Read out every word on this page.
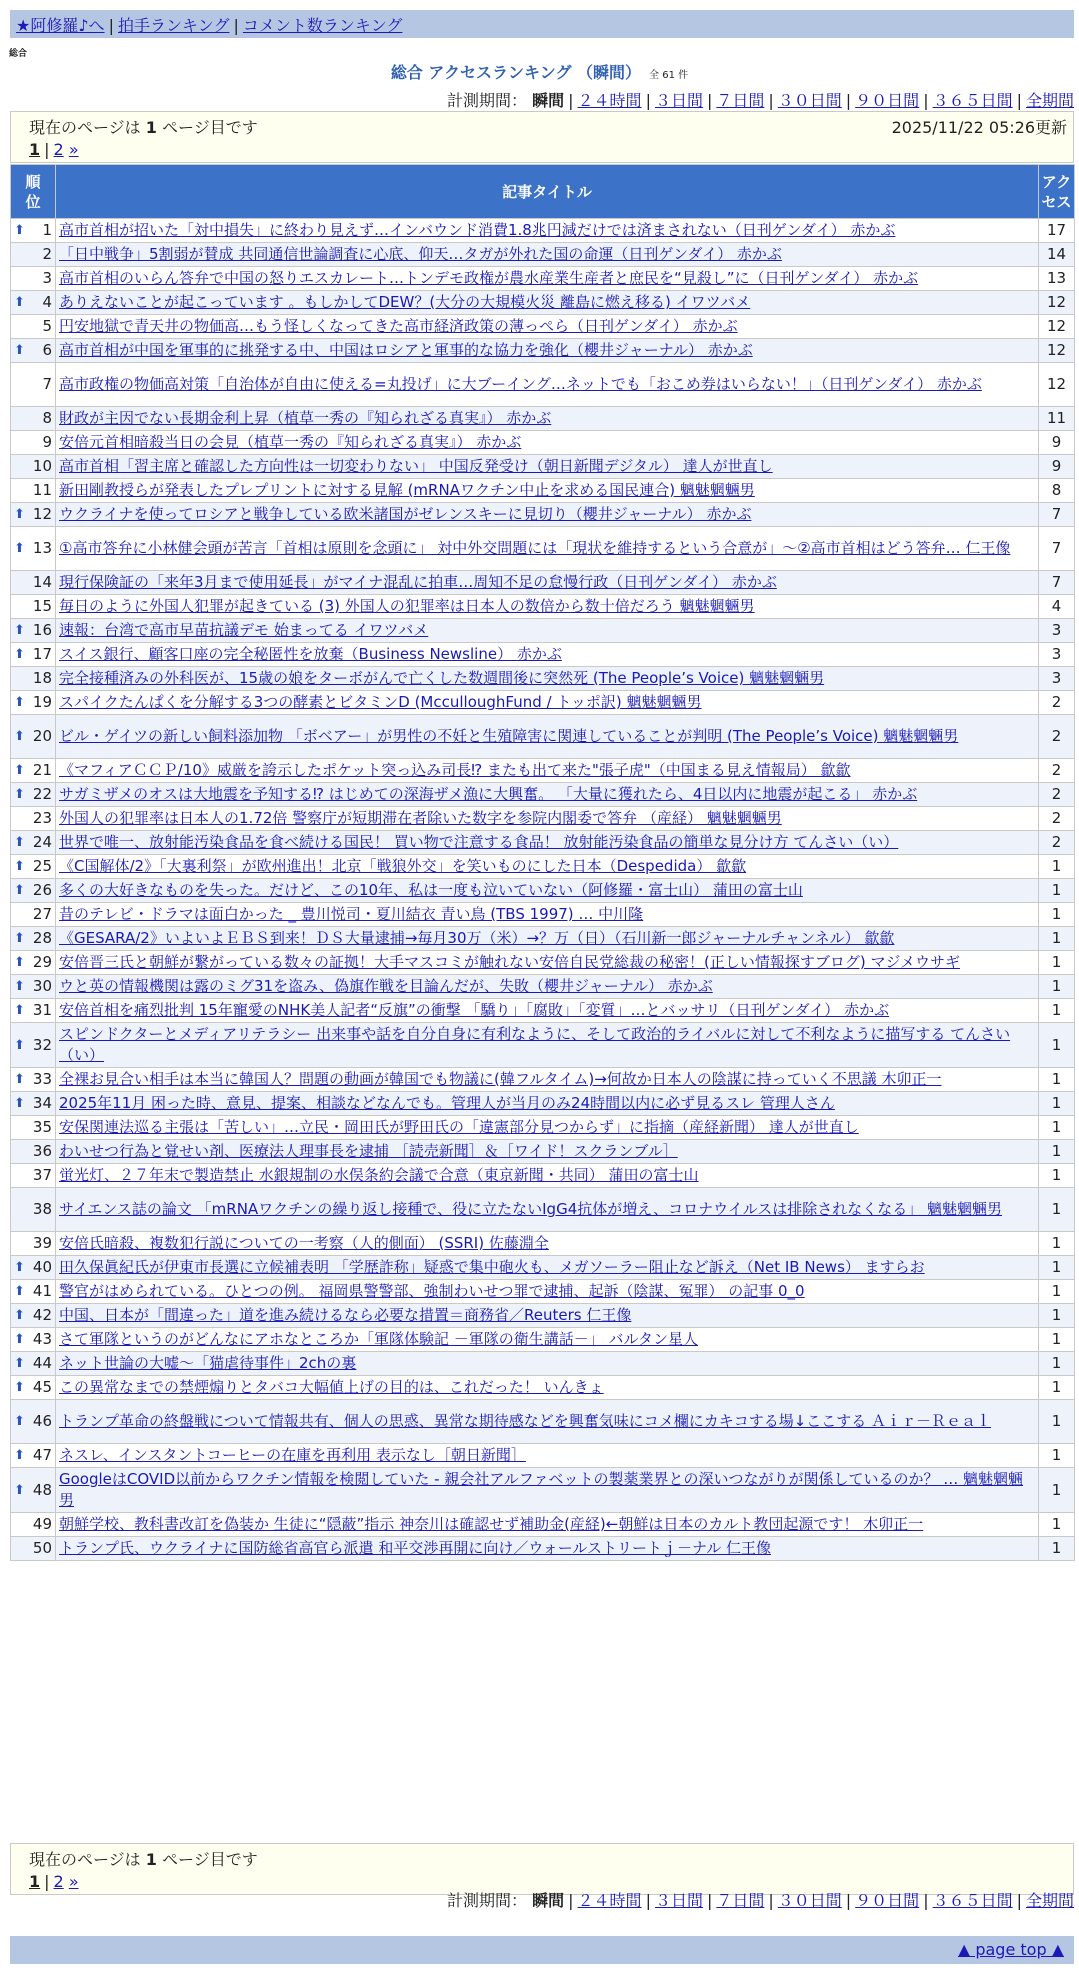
★阿修羅♪へ | 拍手ランキング | コメント数ランキング
総合
総合 アクセスランキング （瞬間） 全 61 件
計測期間： 瞬間 | ２４時間 | ３日間 | ７日間 | ３０日間 | ９０日間 | ３６５日間 | 全期間
現在のページは 1 ページ目です	2025/11/22 05:26更新
1 | 2 »
順
位	記事タイトル	アク
セス

⬆ 1	高市首相が招いた「対中損失」に終わり見えず…インバウンド消費1.8兆円減だけでは済まされない（日刊ゲンダイ） 赤かぶ	17
2	「日中戦争」5割弱が賛成 共同通信世論調査に心底、仰天…タガが外れた国の命運（日刊ゲンダイ） 赤かぶ	14
3	高市首相のいらん答弁で中国の怒りエスカレート…トンデモ政権が農水産業生産者と庶民を“見殺し”に（日刊ゲンダイ） 赤かぶ	13

⬆ 4	ありえないことが起こっています 。もしかしてDEW？(大分の大規模火災 離島に燃え移る) イワツバメ	12
5	円安地獄で青天井の物価高…もう怪しくなってきた高市経済政策の薄っぺら（日刊ゲンダイ） 赤かぶ	12

⬆ 6	高市首相が中国を軍事的に挑発する中、中国はロシアと軍事的な協力を強化（櫻井ジャーナル） 赤かぶ	12
7	高市政権の物価高対策「自治体が自由に使える=丸投げ」に大ブーイング…ネットでも「おこめ券はいらない！」（日刊ゲンダイ） 赤かぶ	12
8	財政が主因でない長期金利上昇（植草一秀の『知られざる真実』） 赤かぶ	11
9	安倍元首相暗殺当日の会見（植草一秀の『知られざる真実』） 赤かぶ	9
10	高市首相「習主席と確認した方向性は一切変わりない」 中国反発受け（朝日新聞デジタル） 達人が世直し	9
11	新田剛教授らが発表したプレプリントに対する見解 (mRNAワクチン中止を求める国民連合) 魑魅魍魎男	8

⬆ 12	ウクライナを使ってロシアと戦争している欧米諸国がゼレンスキーに見切り（櫻井ジャーナル） 赤かぶ	7

⬆ 13	①高市答弁に小林健会頭が苦言「首相は原則を念頭に」 対中外交問題には「現状を維持するという合意が」～②高市首相はどう答弁… 仁王像	7
14	現行保険証の「来年3月まで使用延長」がマイナ混乱に拍車…周知不足の怠慢行政（日刊ゲンダイ） 赤かぶ	7
15	毎日のように外国人犯罪が起きている (3) 外国人の犯罪率は日本人の数倍から数十倍だろう 魑魅魍魎男	4

⬆ 16	速報：台湾で高市早苗抗議デモ 始まってる イワツバメ	3

⬆ 17	スイス銀行、顧客口座の完全秘匿性を放棄（Business Newsline） 赤かぶ	3
18	完全接種済みの外科医が、15歳の娘をターボがんで亡くした数週間後に突然死 (The People’s Voice) 魑魅魍魎男	3

⬆ 19	スパイクたんぱくを分解する3つの酵素とビタミンD (McculloughFund / トッポ訳) 魑魅魍魎男	2

⬆ 20	ビル・ゲイツの新しい飼料添加物 「ボベアー」が男性の不妊と生殖障害に関連していることが判明 (The People’s Voice) 魑魅魍魎男	2

⬆ 21	《マフィアＣＣＰ/10》威厳を誇示したポケット突っ込み司長⁉ またも出て来た"張子虎"（中国まる見え情報局） 歙歙	2

⬆ 22	サガミザメのオスは大地震を予知する⁉ はじめての深海ザメ漁に大興奮。 「大量に獲れたら、4日以内に地震が起こる」 赤かぶ	2
23	外国人の犯罪率は日本人の1.72倍 警察庁が短期滞在者除いた数字を参院内閣委で答弁 （産経） 魑魅魍魎男	2

⬆ 24	世界で唯一、放射能汚染食品を食べ続ける国民！ 買い物で注意する食品！ 放射能汚染食品の簡単な見分け方 てんさい（い）	2

⬆ 25	《C国解体/2》「大裏利祭」が欧州進出！北京「戦狼外交」を笑いものにした日本（Despedida） 歙歙	1

⬆ 26	多くの大好きなものを失った。だけど、この10年、私は一度も泣いていない（阿修羅・富士山） 蒲田の富士山	1
27	昔のテレビ・ドラマは面白かった _ 豊川悦司・夏川結衣 青い鳥 (TBS 1997) … 中川隆	1

⬆ 28	《GESARA/2》いよいよＥＢＳ到来！ＤＳ大量逮捕→毎月30万（米）→？万（日）（石川新一郎ジャーナルチャンネル） 歙歙	1

⬆ 29	安倍晋三氏と朝鮮が繋がっている数々の証拠！大手マスコミが触れない安倍自民党総裁の秘密！(正しい情報探すブログ) マジメウサギ	1

⬆ 30	ウと英の情報機関は露のミグ31を盗み、偽旗作戦を目論んだが、失敗（櫻井ジャーナル） 赤かぶ	1

⬆ 31	安倍首相を痛烈批判 15年寵愛のNHK美人記者“反旗”の衝撃 「驕り」「腐敗」「変質」…とバッサリ（日刊ゲンダイ） 赤かぶ	1

⬆ 32	スピンドクターとメディアリテラシー 出来事や話を自分自身に有利なように、そして政治的ライバルに対して不利なように描写する てんさい（い）	1

⬆ 33	全裸お見合い相手は本当に韓国人？問題の動画が韓国でも物議に(韓フルタイム)→何故か日本人の陰謀に持っていく不思議 木卯正一	1

⬆ 34	2025年11月 困った時、意見、提案、相談などなんでも。管理人が当月のみ24時間以内に必ず見るスレ 管理人さん	1
35	安保関連法巡る主張は「苦しい」…立民・岡田氏が野田氏の「違憲部分見つからず」に指摘（産経新聞） 達人が世直し	1
36	わいせつ行為と覚せい剤、医療法人理事長を逮捕 ［読売新聞］＆［ワイド！スクランブル］	1
37	蛍光灯、２７年末で製造禁止 水銀規制の水俣条約会議で合意（東京新聞・共同） 蒲田の富士山	1
38	サイエンス誌の論文 「mRNAワクチンの繰り返し接種で、役に立たないIgG4抗体が増え、コロナウイルスは排除されなくなる」 魑魅魍魎男	1
39	安倍氏暗殺、複数犯行説についての一考察（人的側面） (SSRI) 佐藤淵全	1

⬆ 40	田久保眞紀氏が伊東市長選に立候補表明 「学歴詐称」疑惑で集中砲火も、メガソーラー阻止など訴え（Net IB News） ますらお	1

⬆ 41	警官がはめられている。ひとつの例。 福岡県警警部、強制わいせつ罪で逮捕、起訴（陰謀、冤罪） の記事 0_0	1

⬆ 42	中国、日本が「間違った」道を進み続けるなら必要な措置＝商務省／Reuters 仁王像	1

⬆ 43	さて軍隊というのがどんなにアホなところか「軍隊体験記 －軍隊の衛生講話－」 バルタン星人	1

⬆ 44	ネット世論の大嘘～「猫虐待事件」2chの裏	1

⬆ 45	この異常なまでの禁煙煽りとタバコ大幅値上げの目的は、これだった！ いんきょ	1

⬆ 46	トランプ革命の終盤戦について情報共有、個人の思惑、異常な期待感などを興奮気味にコメ欄にカキコする場↓ここする Ａｉｒ－Ｒｅａｌ	1

⬆ 47	ネスレ、インスタントコーヒーの在庫を再利用 表示なし［朝日新聞］	1

⬆ 48	GoogleはCOVID以前からワクチン情報を検閲していた - 親会社アルファベットの製薬業界との深いつながりが関係しているのか？ … 魑魅魍魎男	1
49	朝鮮学校、教科書改訂を偽装か 生徒に“隠蔽”指示 神奈川は確認せず補助金(産経)←朝鮮は日本のカルト教団起源です！ 木卯正一	1
50	トランプ氏、ウクライナに国防総省高官ら派遣 和平交渉再開に向け／ウォールストリートｊ－ナル 仁王像	1
現在のページは 1 ページ目です
1 | 2 »
計測期間： 瞬間 | ２４時間 | ３日間 | ７日間 | ３０日間 | ９０日間 | ３６５日間 | 全期間
▲ page top ▲
